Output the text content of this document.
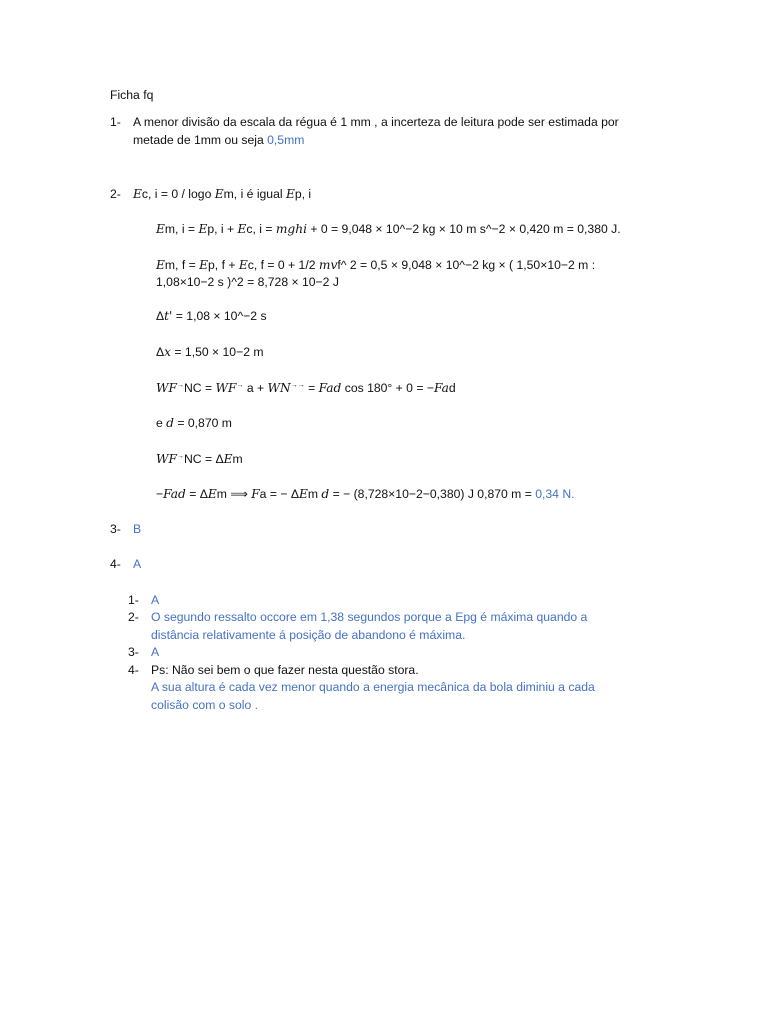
Ficha fq
1- A menor divisão da escala da régua é 1 mm , a incerteza de leitura pode ser estimada por
metade de 1mm ou seja 0,5mm
2- Ec, i = 0 / logo Em, i é igual Ep, i
Em, i = Ep, i + Ec, i = mghi + 0 = 9,048 × 10^−2 kg × 10 m s^−2 × 0,420 m = 0,380 J.
Em, f = Ep, f + Ec, f = 0 + 1/2 mvf^ 2 = 0,5 × 9,048 × 10^−2 kg × ( 1,50×10−2 m :
1,08×10−2 s )^2 = 8,728 × 10−2 J
Δt' = 1,08 × 10^−2 s
Δx = 1,50 × 10−2 m
WF→NC = WF→ a + WN→→ = Fad cos 180° + 0 = −Fad
e d = 0,870 m
WF→NC = ΔEm
−Fad = ΔEm ⟹ Fa = − ΔEm d = − (8,728×10−2−0,380) J 0,870 m = 0,34 N.
3- B
4- A
1- A
2- O segundo ressalto occore em 1,38 segundos porque a Epg é máxima quando a
distância relativamente á posição de abandono é máxima.
3- A
4- Ps: Não sei bem o que fazer nesta questão stora.
A sua altura é cada vez menor quando a energia mecânica da bola diminiu a cada
colisão com o solo .
